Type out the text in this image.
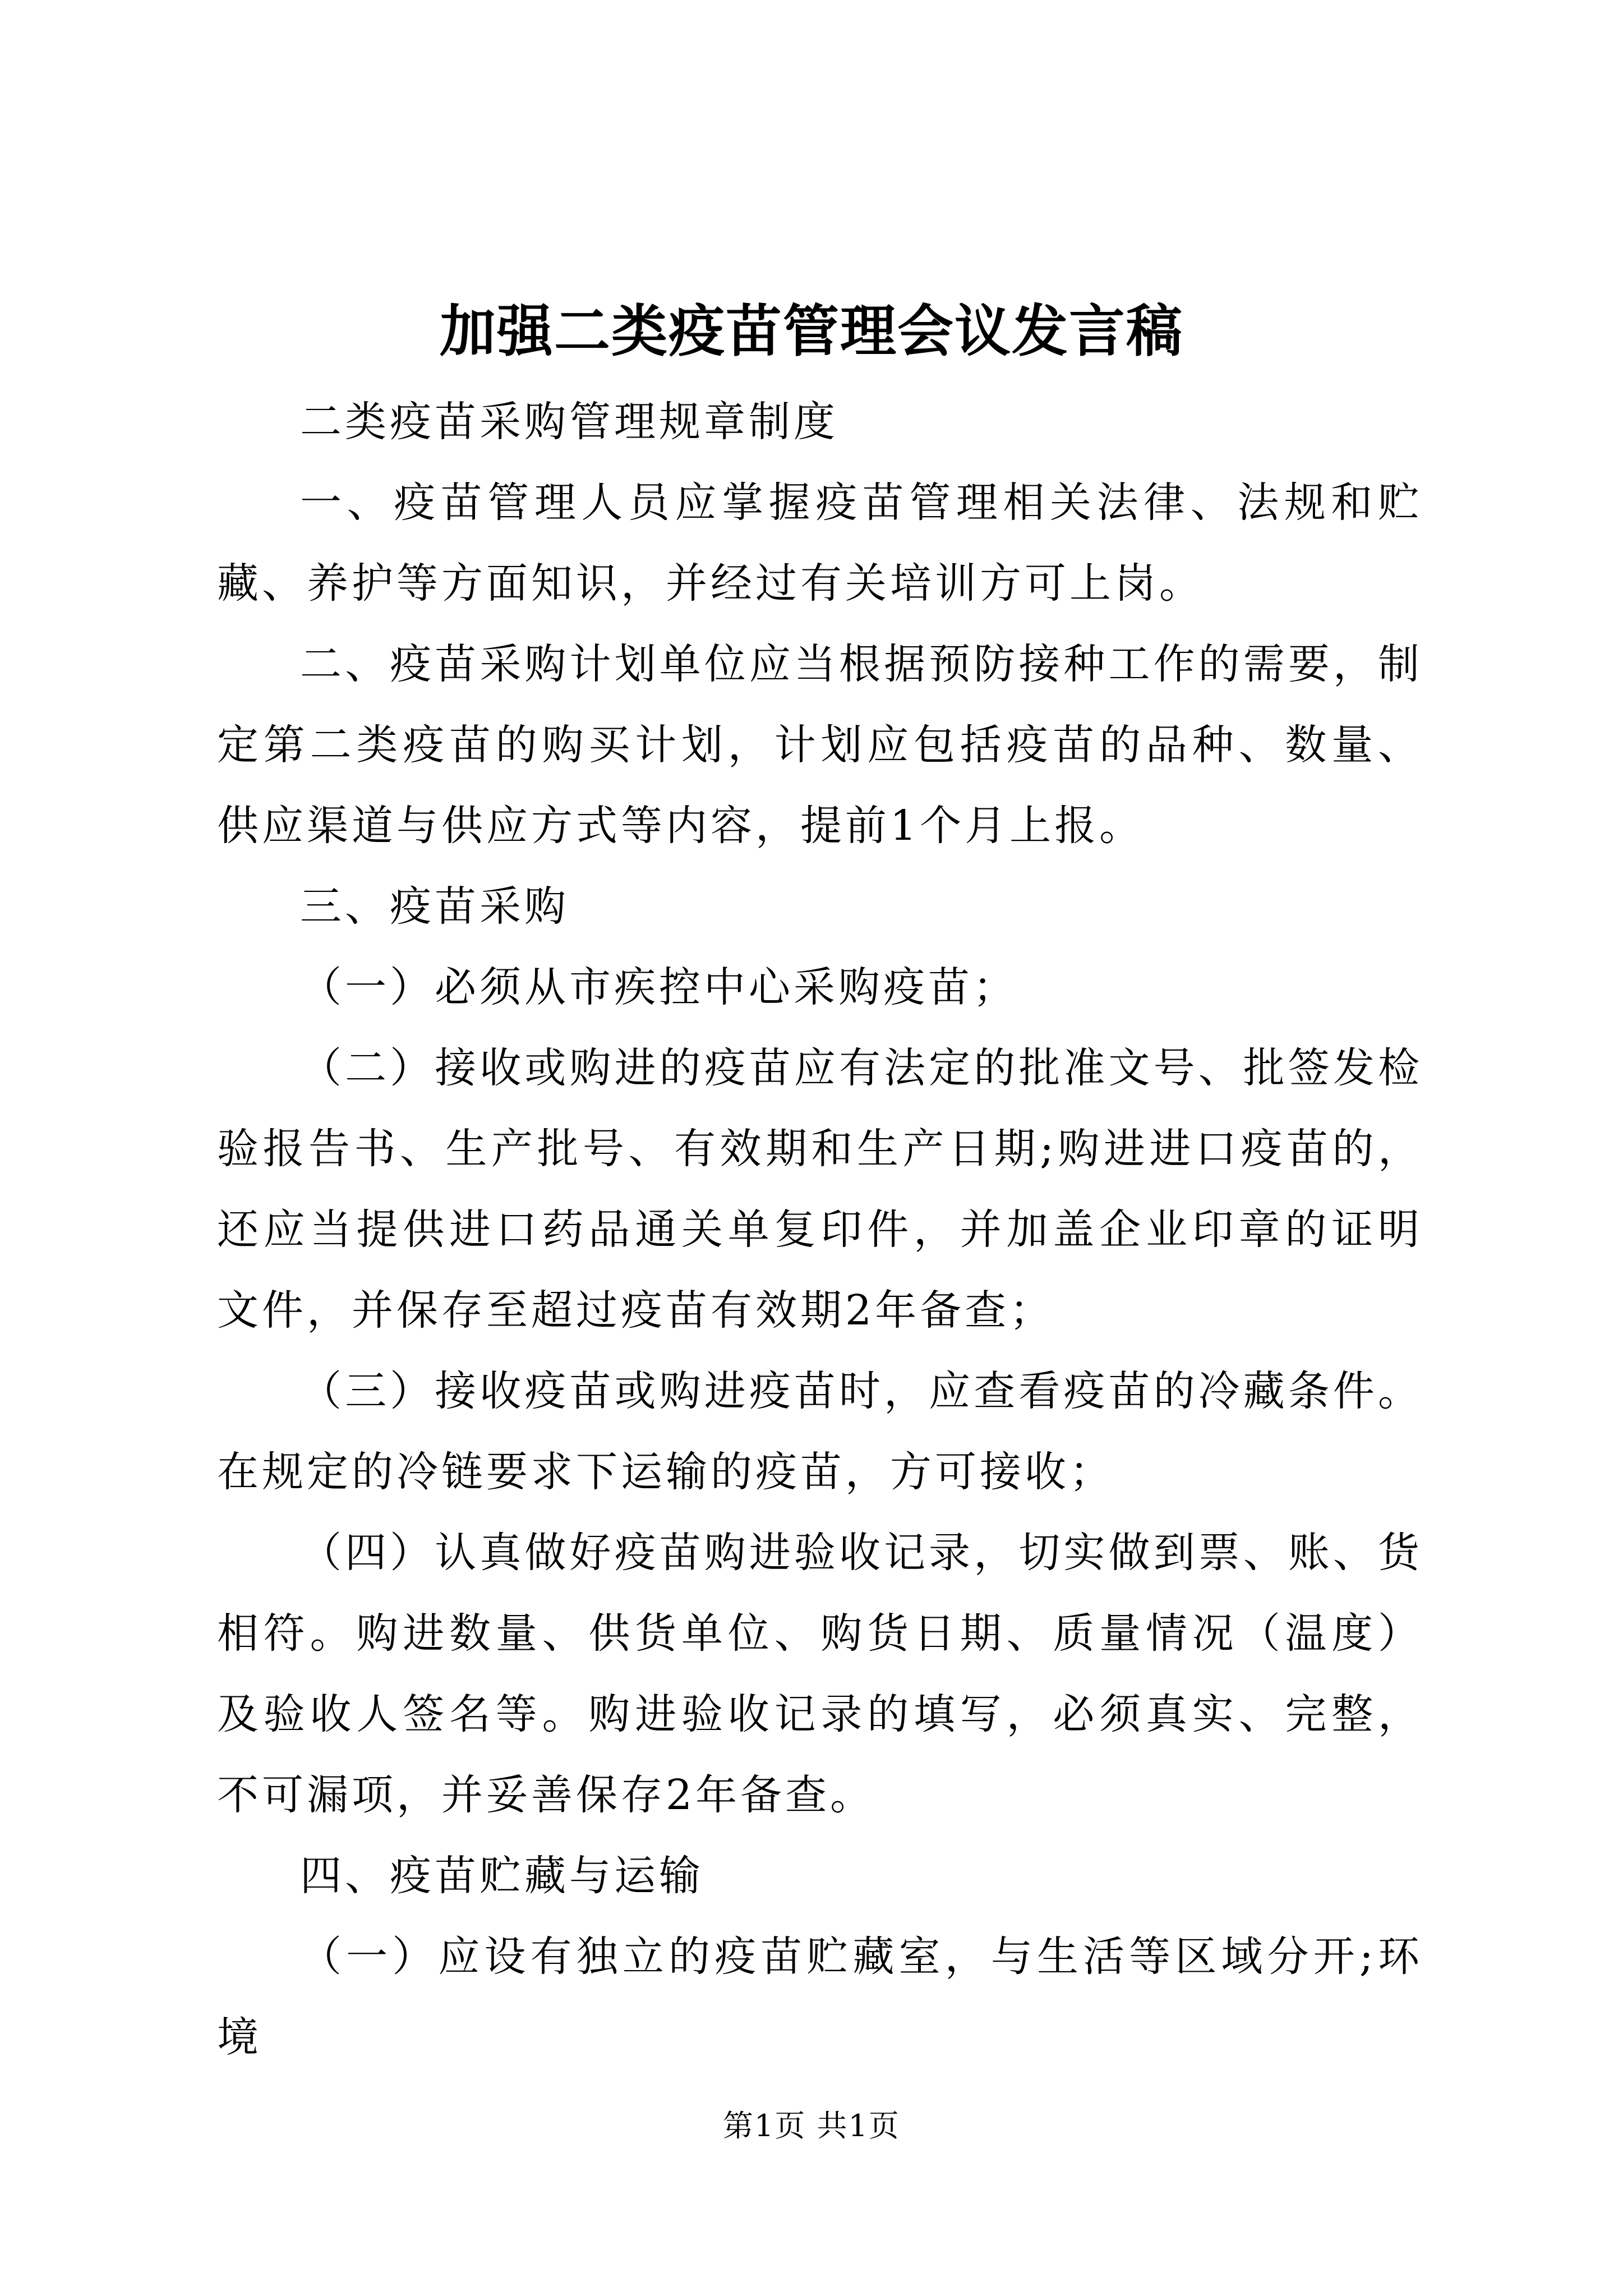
加强二类疫苗管理会议发言稿

二类疫苗采购管理规章制度

一、疫苗管理人员应掌握疫苗管理相关法律、法规和贮藏、养护等方面知识，并经过有关培训方可上岗。

二、疫苗采购计划单位应当根据预防接种工作的需要，制定第二类疫苗的购买计划，计划应包括疫苗的品种、数量、供应渠道与供应方式等内容，提前1个月上报。

三、疫苗采购

（一）必须从市疾控中心采购疫苗；

（二）接收或购进的疫苗应有法定的批准文号、批签发检验报告书、生产批号、有效期和生产日期;购进进口疫苗的，还应当提供进口药品通关单复印件，并加盖企业印章的证明文件，并保存至超过疫苗有效期2年备查；

（三）接收疫苗或购进疫苗时，应查看疫苗的冷藏条件。在规定的冷链要求下运输的疫苗，方可接收；

（四）认真做好疫苗购进验收记录，切实做到票、账、货相符。购进数量、供货单位、购货日期、质量情况（温度）及验收人签名等。购进验收记录的填写，必须真实、完整，不可漏项，并妥善保存2年备查。

四、疫苗贮藏与运输

（一）应设有独立的疫苗贮藏室，与生活等区域分开;环境

第1页 共1页
